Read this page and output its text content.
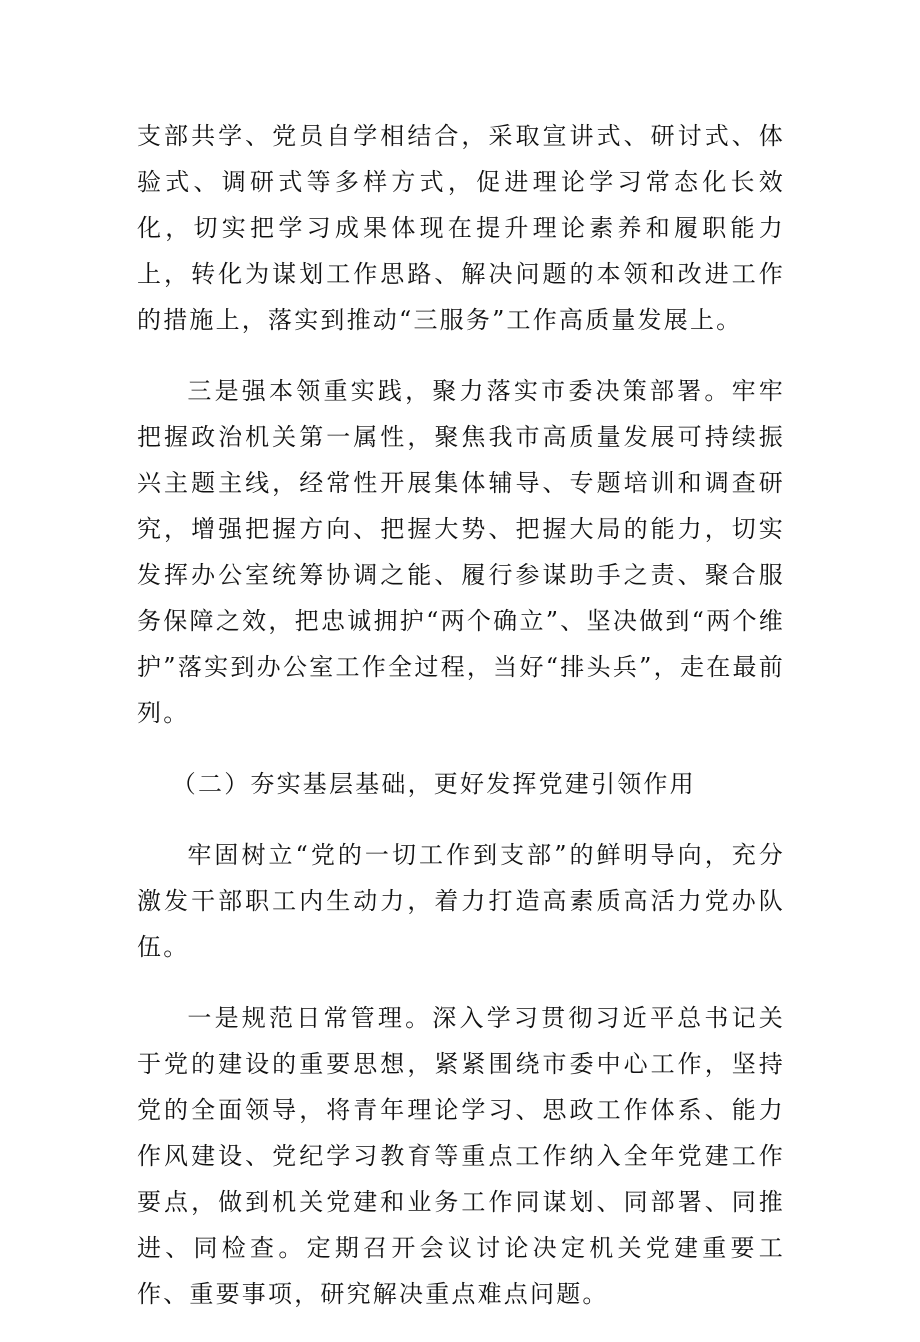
支部共学、党员自学相结合，采取宣讲式、研讨式、体验式、调研式等多样方式，促进理论学习常态化长效化，切实把学习成果体现在提升理论素养和履职能力上，转化为谋划工作思路、解决问题的本领和改进工作的措施上，落实到推动“三服务”工作高质量发展上。

三是强本领重实践，聚力落实市委决策部署。牢牢把握政治机关第一属性，聚焦我市高质量发展可持续振兴主题主线，经常性开展集体辅导、专题培训和调查研究，增强把握方向、把握大势、把握大局的能力，切实发挥办公室统筹协调之能、履行参谋助手之责、聚合服务保障之效，把忠诚拥护“两个确立”、坚决做到“两个维护”落实到办公室工作全过程，当好“排头兵”，走在最前列。

（二）夯实基层基础，更好发挥党建引领作用

牢固树立“党的一切工作到支部”的鲜明导向，充分激发干部职工内生动力，着力打造高素质高活力党办队伍。

一是规范日常管理。深入学习贯彻习近平总书记关于党的建设的重要思想，紧紧围绕市委中心工作，坚持党的全面领导，将青年理论学习、思政工作体系、能力作风建设、党纪学习教育等重点工作纳入全年党建工作要点，做到机关党建和业务工作同谋划、同部署、同推进、同检查。定期召开会议讨论决定机关党建重要工作、重要事项，研究解决重点难点问题。
